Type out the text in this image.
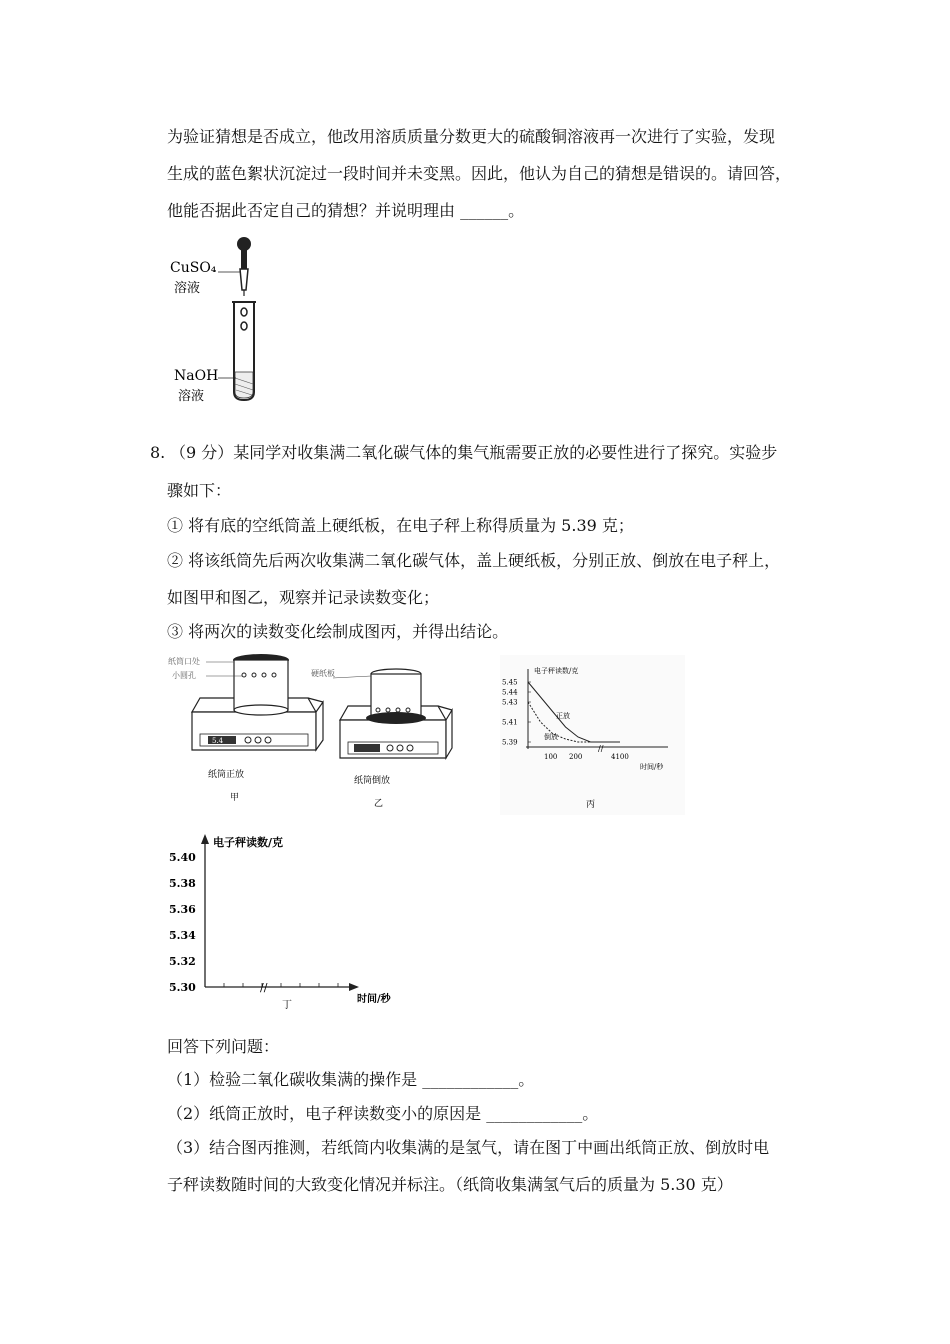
为验证猜想是否成立，他改用溶质质量分数更大的硫酸铜溶液再一次进行了实验，发现
生成的蓝色絮状沉淀过一段时间并未变黑。因此，他认为自己的猜想是错误的。请回答，
他能否据此否定自己的猜想？并说明理由 ______。
CuSO₄
溶液
NaOH
溶液
8. （9 分）某同学对收集满二氧化碳气体的集气瓶需要正放的必要性进行了探究。实验步
骤如下：
① 将有底的空纸筒盖上硬纸板，在电子秤上称得质量为 5.39 克；
② 将该纸筒先后两次收集满二氧化碳气体，盖上硬纸板，分别正放、倒放在电子秤上，
如图甲和图乙，观察并记录读数变化；
③ 将两次的读数变化绘制成图丙，并得出结论。
5.4
纸筒口处
小圆孔
纸筒正放
甲
硬纸板
纸筒倒放
乙
电子秤读数/克
时间/秒
5.45
5.44
5.43
5.41
5.39
100 200	4100
//
正放
倒放
丙
电子秤读数/克
时间/秒
5.40
5.38
5.36
5.34
5.32
5.30	//
丁
回答下列问题：
（1）检验二氧化碳收集满的操作是 ____________。
（2）纸筒正放时，电子秤读数变小的原因是 ____________。
（3）结合图丙推测，若纸筒内收集满的是氢气，请在图丁中画出纸筒正放、倒放时电
子秤读数随时间的大致变化情况并标注。（纸筒收集满氢气后的质量为 5.30 克）
